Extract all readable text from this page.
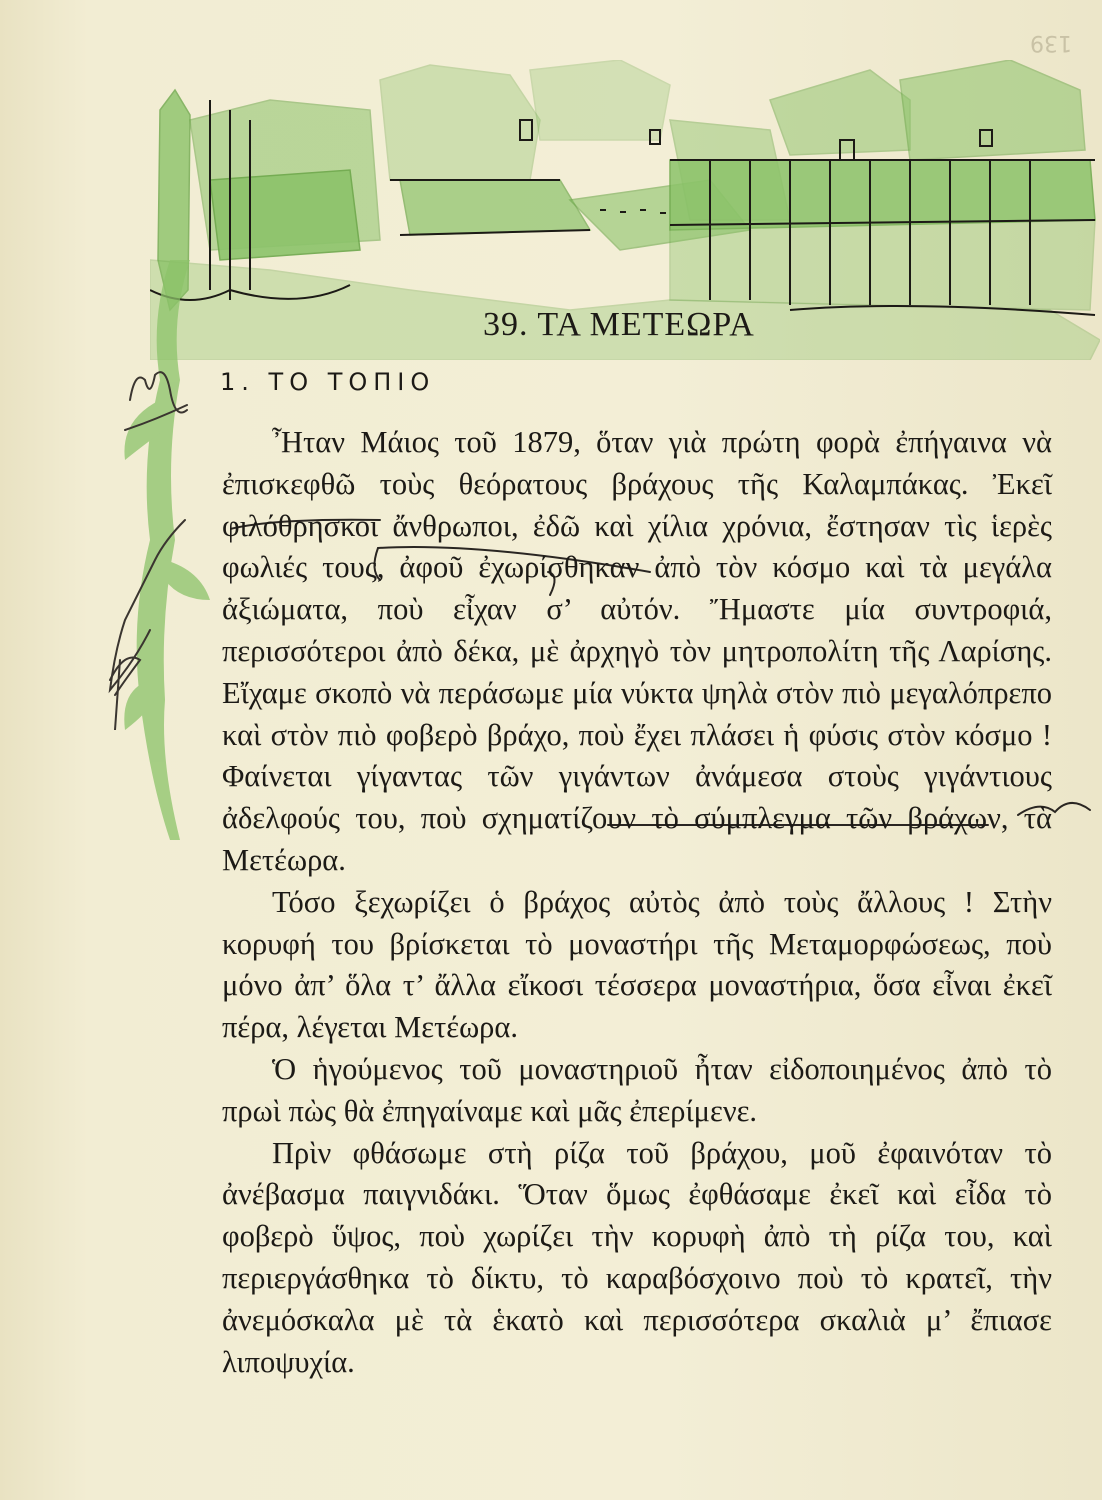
139
39. ΤΑ ΜΕΤΕΩΡΑ
1. ΤΟ ΤΟΠΙΟ

Ἦταν Μάιος τοῦ 1879, ὅταν γιὰ πρώτη φορὰ ἐπήγαινα νὰ ἐπισκεφθῶ τοὺς θεόρατους βράχους τῆς Καλαμπάκας. Ἐκεῖ φιλόθρησκοι ἄνθρωποι, ἐδῶ καὶ χίλια χρόνια, ἔστησαν τὶς ἱερὲς φωλιές τους, ἀφοῦ ἐχωρίσθηκαν ἀπὸ τὸν κόσμο καὶ τὰ μεγάλα ἀξιώματα, ποὺ εἶχαν σ’ αὐτόν. Ἤμαστε μία συντροφιά, περισσότεροι ἀπὸ δέκα, μὲ ἀρχηγὸ τὸν μητροπολίτη τῆς Λαρίσης. Εἴχαμε σκοπὸ νὰ περάσωμε μία νύκτα ψηλὰ στὸν πιὸ μεγαλόπρεπο καὶ στὸν πιὸ φοβερὸ βράχο, ποὺ ἔχει πλάσει ἡ φύσις στὸν κόσμο ! Φαίνεται γίγαντας τῶν γιγάντων ἀνάμεσα στοὺς γιγάντιους ἀδελφούς του, ποὺ σχηματίζουν τὸ σύμπλεγμα τῶν βράχων, τὰ Μετέωρα.

Τόσο ξεχωρίζει ὁ βράχος αὐτὸς ἀπὸ τοὺς ἄλλους ! Στὴν κορυφή του βρίσκεται τὸ μοναστήρι τῆς Μεταμορφώσεως, ποὺ μόνο ἀπ’ ὅλα τ’ ἄλλα εἴκοσι τέσσερα μοναστήρια, ὅσα εἶναι ἐκεῖ πέρα, λέγεται Μετέωρα.

Ὁ ἡγούμενος τοῦ μοναστηριοῦ ἦταν εἰδοποιημένος ἀπὸ τὸ πρωὶ πὼς θὰ ἐπηγαίναμε καὶ μᾶς ἐπερίμενε.

Πρὶν φθάσωμε στὴ ρίζα τοῦ βράχου, μοῦ ἐφαινόταν τὸ ἀνέβασμα παιγνιδάκι. Ὅταν ὅμως ἐφθάσαμε ἐκεῖ καὶ εἶδα τὸ φοβερὸ ὕψος, ποὺ χωρίζει τὴν κορυφὴ ἀπὸ τὴ ρίζα του, καὶ περιεργάσθηκα τὸ δίκτυ, τὸ καραβόσχοινο ποὺ τὸ κρατεῖ, τὴν ἀνεμόσκαλα μὲ τὰ ἑκατὸ καὶ περισσότερα σκαλιὰ μ’ ἔπιασε λιποψυχία.
